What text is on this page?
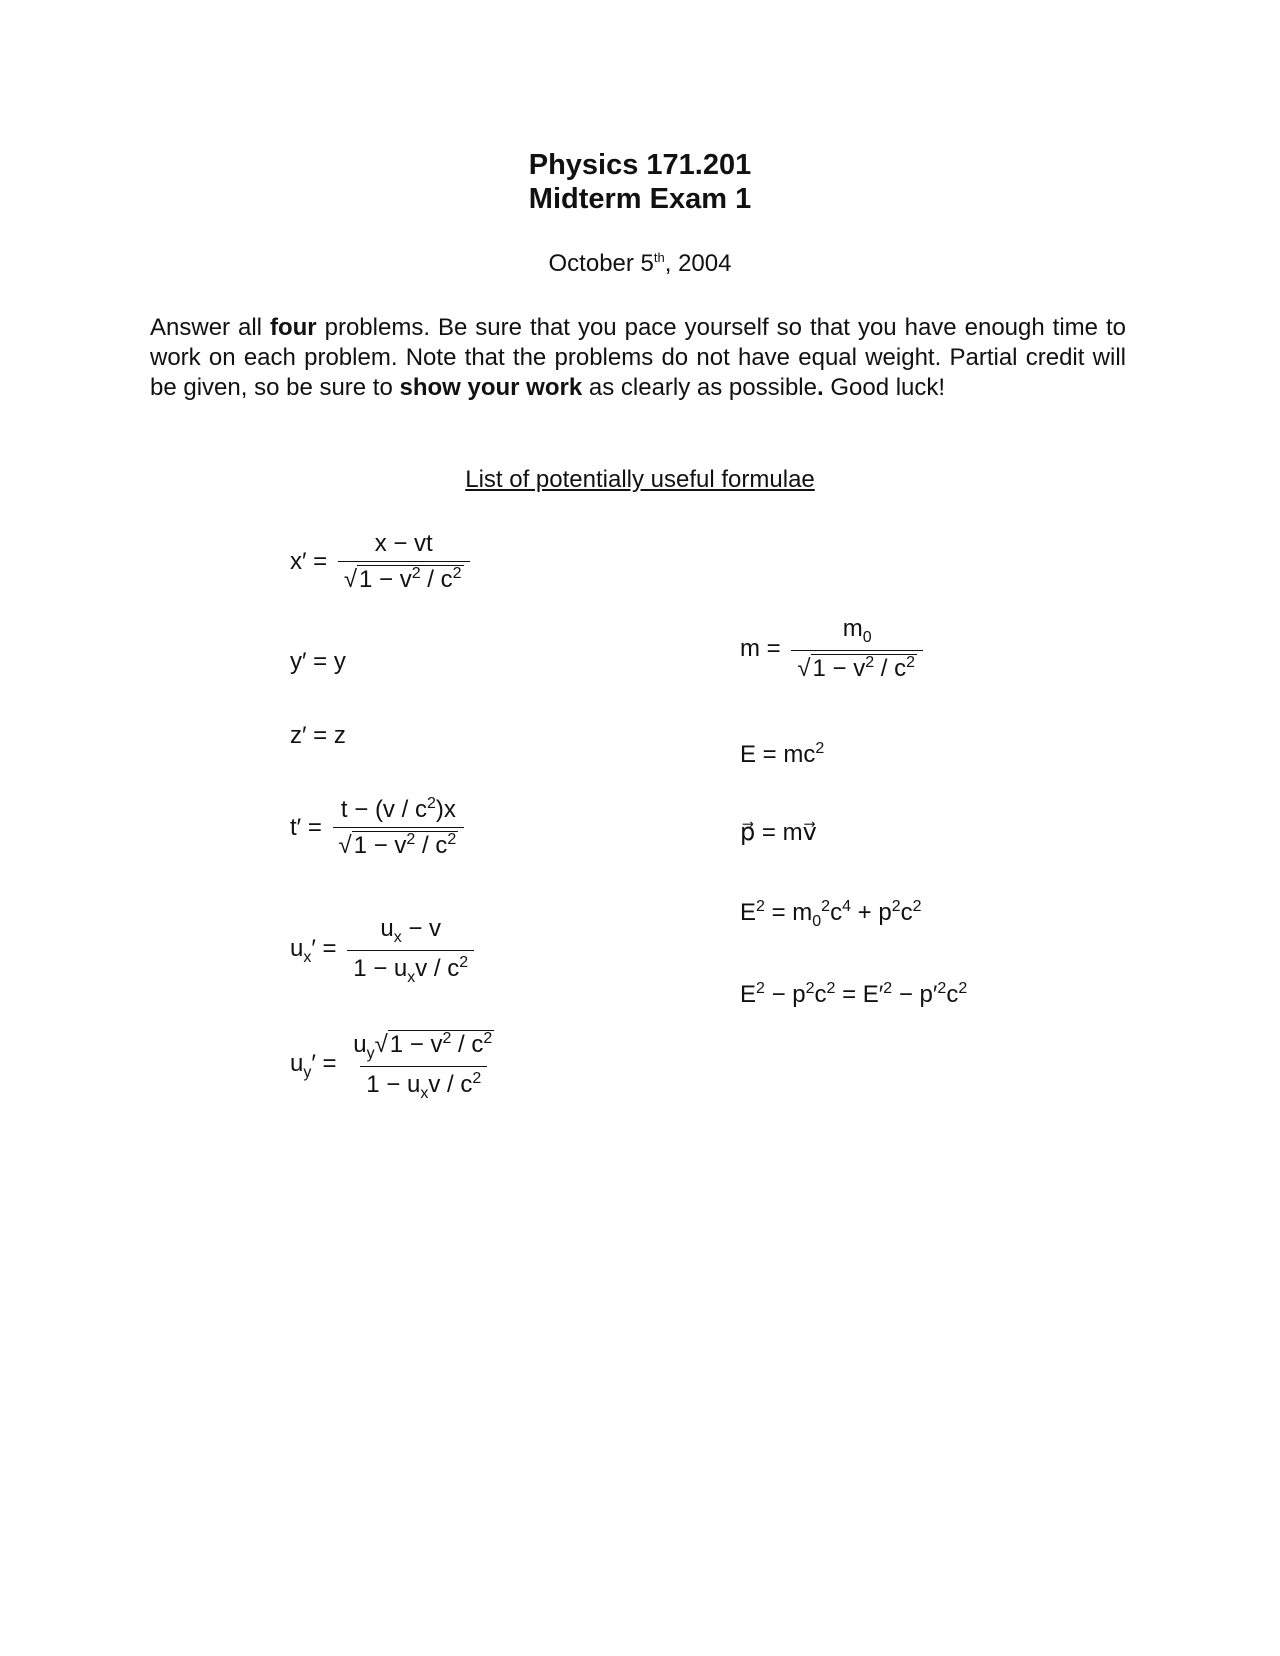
Physics 171.201
Midterm Exam 1
October 5th, 2004
Answer all four problems. Be sure that you pace yourself so that you have enough time to work on each problem. Note that the problems do not have equal weight. Partial credit will be given, so be sure to show your work as clearly as possible. Good luck!
List of potentially useful formulae
$x' = \frac{x - vt}{√1 - v^2 / c^2}$
y′ = y
z′ = z
$t' = \frac{t - (v / c^2)x}{√1 - v^2 / c^2}$
$u_x' = \frac{u_x - v}{1 - u_xv / c^2}$
$u_y' = \frac{u_y√1 - v^2 / c^2}{1 - u_xv / c^2}$
$m = \frac{m_0}{√1 - v^2 / c^2}$
$E = mc^2$
p⃗ = mv⃗
$E^2 = m_0^2c^4 + p^2c^2$
$E^2 - p^2c^2 = E'^2 - p'^2c^2$
